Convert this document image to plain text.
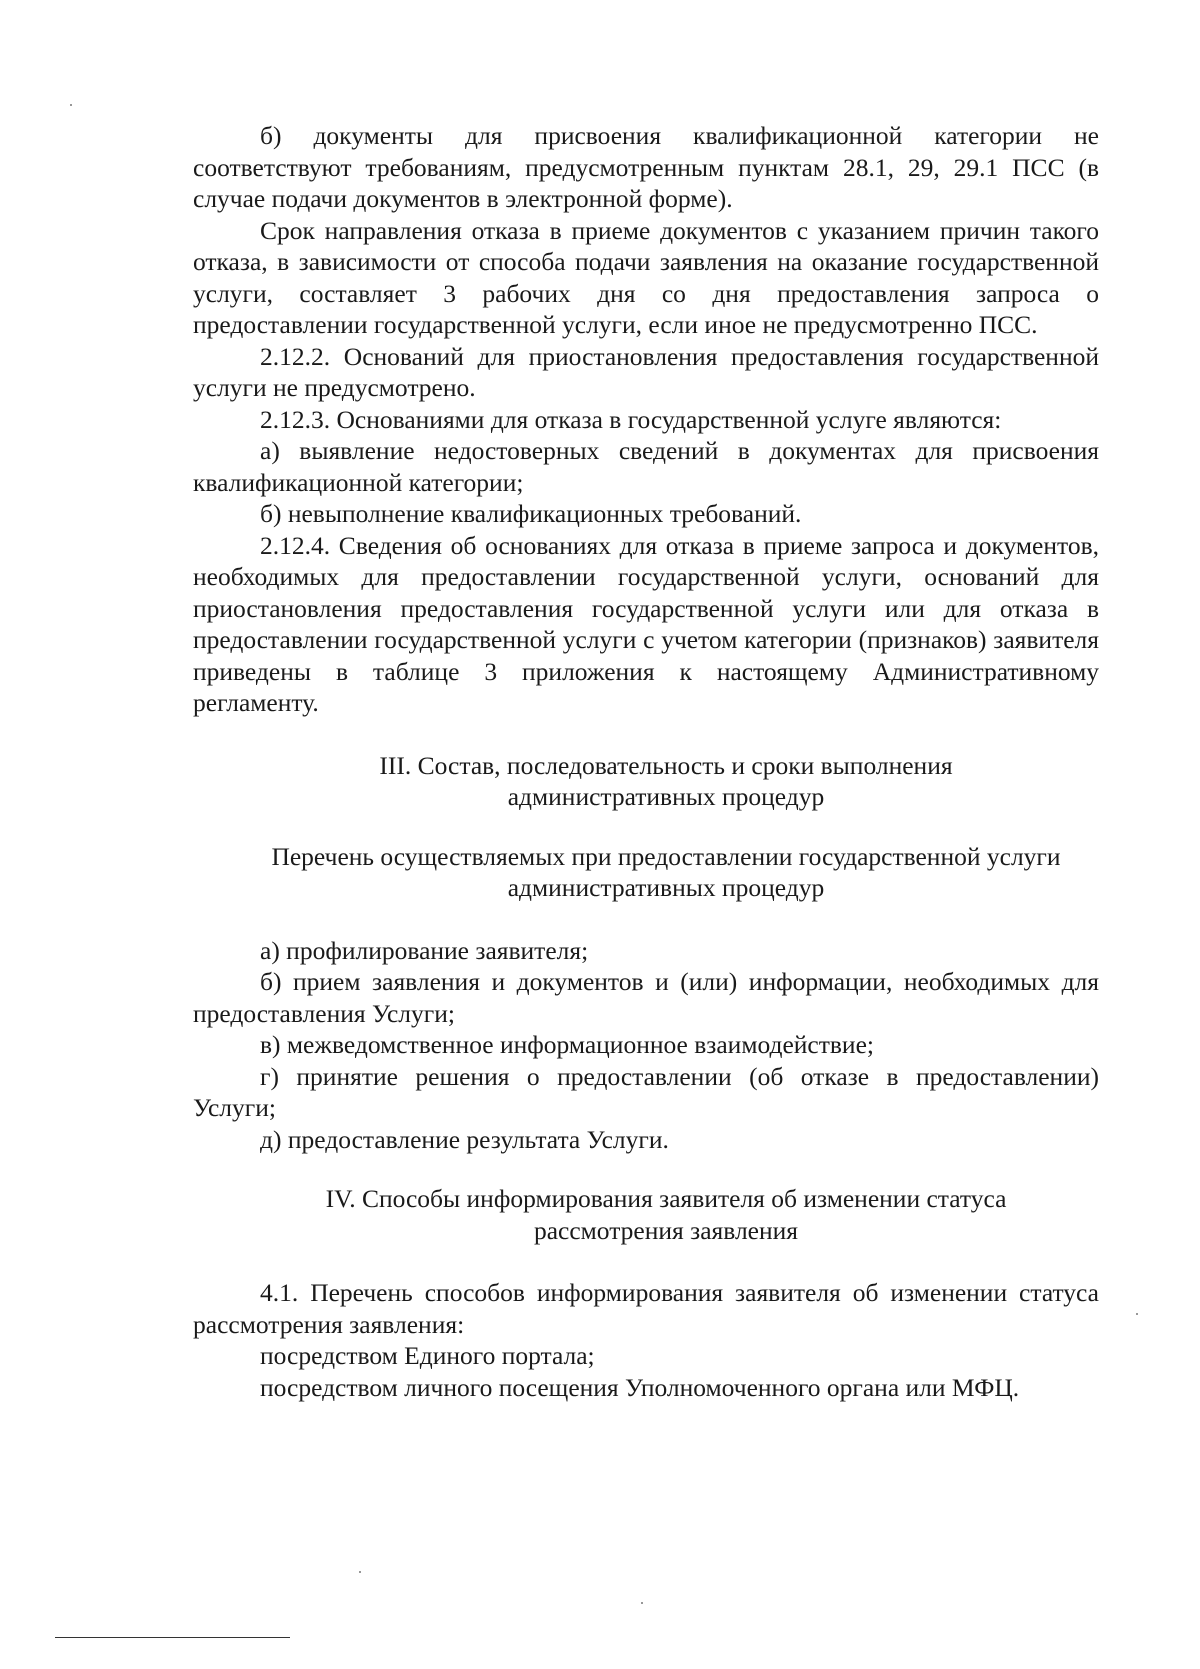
б) документы для присвоения квалификационной категории не соответствуют требованиям, предусмотренным пунктам 28.1, 29, 29.1 ПСС (в случае подачи документов в электронной форме).

Срок направления отказа в приеме документов с указанием причин такого отказа, в зависимости от способа подачи заявления на оказание государственной услуги, составляет 3 рабочих дня со дня предоставления запроса о предоставлении государственной услуги, если иное не предусмотренно ПСС.

2.12.2. Оснований для приостановления предоставления государственной услуги не предусмотрено.

2.12.3. Основаниями для отказа в государственной услуге являются:

а) выявление недостоверных сведений в документах для присвоения квалификационной категории;

б) невыполнение квалификационных требований.

2.12.4. Сведения об основаниях для отказа в приеме запроса и документов, необходимых для предоставлении государственной услуги, оснований для приостановления предоставления государственной услуги или для отказа в предоставлении государственной услуги с учетом категории (признаков) заявителя приведены в таблице 3 приложения к настоящему Административному регламенту.

III. Состав, последовательность и сроки выполнения

административных процедур

Перечень осуществляемых при предоставлении государственной услуги

административных процедур

а) профилирование заявителя;

б) прием заявления и документов и (или) информации, необходимых для предоставления Услуги;

в) межведомственное информационное взаимодействие;

г) принятие решения о предоставлении (об отказе в предоставлении) Услуги;

д) предоставление результата Услуги.

IV. Способы информирования заявителя об изменении статуса

рассмотрения заявления

4.1. Перечень способов информирования заявителя об изменении статуса рассмотрения заявления:

посредством Единого портала;

посредством личного посещения Уполномоченного органа или МФЦ.
